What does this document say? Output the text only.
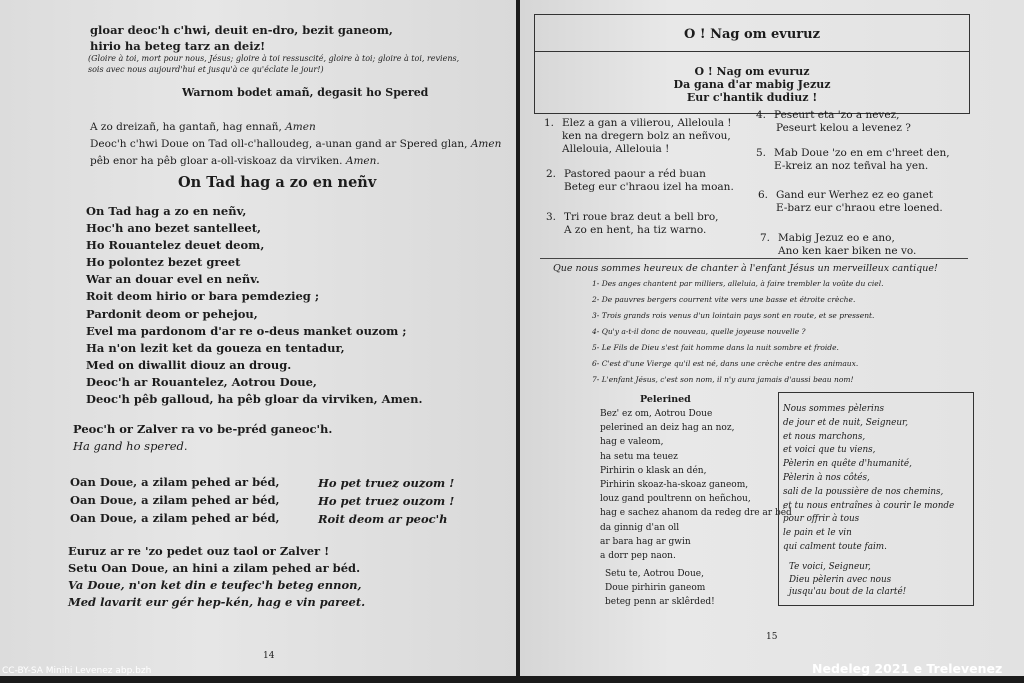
gloar deoc'h c'hwi, deuit en-dro, bezit ganeom,
hirio ha beteg tarz an deiz!
(Gloire à toi, mort pour nous, Jésus; gloire à toi ressuscité, gloire à toi; gloire à toi, reviens,
sois avec nous aujourd'hui et jusqu'à ce qu'éclate le jour!)
Warnom bodet amañ, degasit ho Spered
A zo dreizañ, ha gantañ, hag ennañ, Amen
Deoc'h c'hwi Doue on Tad oll-c'halloudeg, a-unan gand ar Spered glan, Amen
pêb enor ha pêb gloar a-oll-viskoaz da virviken. Amen.
On Tad hag a zo en neñv
On Tad hag a zo en neñv,
Hoc'h ano bezet santelleet,
Ho Rouantelez deuet deom,
Ho polontez bezet greet
War an douar evel en neñv.
Roit deom hirio or bara pemdezieg ;
Pardonit deom or pehejou,
Evel ma pardonom d'ar re o-deus manket ouzom ;
Ha n'on lezit ket da goueza en tentadur,
Med on diwallit diouz an droug.
Deoc'h ar Rouantelez, Aotrou Doue,
Deoc'h pêb galloud, ha pêb gloar da virviken, Amen.
Peoc'h or Zalver ra vo be-préd ganeoc'h.
Ha gand ho spered.
Oan Doue, a zilam pehed ar béd,
Oan Doue, a zilam pehed ar béd,
Oan Doue, a zilam pehed ar béd,
Ho pet truez ouzom !
Ho pet truez ouzom !
Roit deom ar peoc'h
Euruz ar re 'zo pedet ouz taol or Zalver !
Setu Oan Doue, an hini a zilam pehed ar béd.
Va Doue, n'on ket din e teufec'h beteg ennon,
Med lavarit eur gér hep-kén, hag e vin pareet.
14
O ! Nag om evuruz
O ! Nag om evuruz
Da gana d'ar mabig Jezuz
Eur c'hantik dudiuz !
1. Elez a gan a vilierou, Alleloula !
ken na dregern bolz an neñvou,
Allelouia, Allelouia !
2. Pastored paour a réd buan
Beteg eur c'hraou izel ha moan.
3. Tri roue braz deut a bell bro,
A zo en hent, ha tiz warno.
4. Peseurt eta 'zo a nevez,
Peseurt kelou a levenez ?
5. Mab Doue 'zo en em c'hreet den,
E-kreiz an noz teñval ha yen.
6. Gand eur Werhez ez eo ganet
E-barz eur c'hraou etre loened.
7. Mabig Jezuz eo e ano,
Ano ken kaer biken ne vo.
Que nous sommes heureux de chanter à l'enfant Jésus un merveilleux cantique!
1- Des anges chantent par milliers, alleluia, à faire trembler la voûte du ciel.
2- De pauvres bergers courrent vite vers une basse et étroite crèche.
3- Trois grands rois venus d'un lointain pays sont en route, et se pressent.
4- Qu'y a-t-il donc de nouveau, quelle joyeuse nouvelle ?
5- Le Fils de Dieu s'est fait homme dans la nuit sombre et froide.
6- C'est d'une Vierge qu'il est né, dans une crèche entre des animaux.
7- L'enfant Jésus, c'est son nom, il n'y aura jamais d'aussi beau nom!
Pelerined
Bez' ez om, Aotrou Doue
pelerined an deiz hag an noz,
hag e valeom,
ha setu ma teuez
Pirhirin o klask an dén,
Pirhirin skoaz-ha-skoaz ganeom,
louz gand poultrenn on heñchou,
hag e sachez ahanom da redeg dre ar béd
da ginnig d'an oll
ar bara hag ar gwin
a dorr pep naon.
Setu te, Aotrou Doue,
Doue pirhirin ganeom
beteg penn ar sklêrded!
Nous sommes pèlerins
de jour et de nuit, Seigneur,
et nous marchons,
et voici que tu viens,
Pèlerin en quête d'humanité,
Pèlerin à nos côtés,
sali de la poussière de nos chemins,
et tu nous entraînes à courir le monde
pour offrir à tous
le pain et le vin
qui calment toute faim.
Te voici, Seigneur,
Dieu pèlerin avec nous
jusqu'au bout de la clarté!
15
CC-BY-SA Minihi Levenez abp.bzh	Nedeleg 2021 e Trelevenez
